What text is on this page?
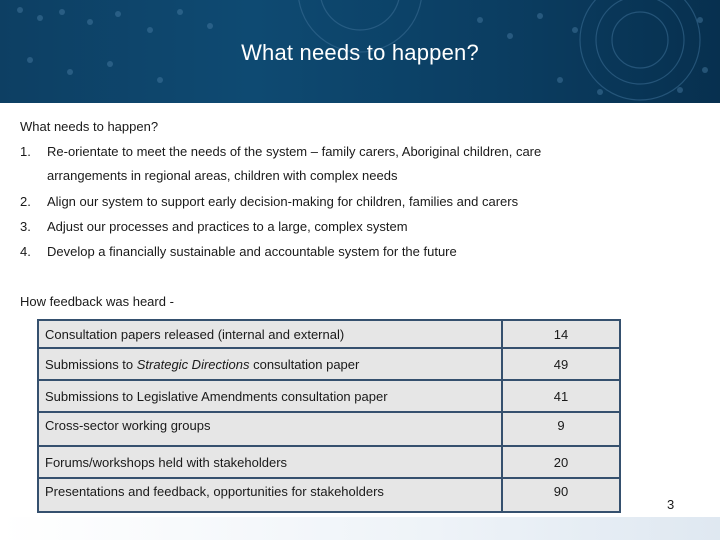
What needs to happen?
What needs to happen?
1. Re-orientate to meet the needs of the system – family carers, Aboriginal children, care
arrangements in regional areas, children with complex needs
2. Align our system to support early decision-making for children, families and carers
3. Adjust our processes and practices to a large, complex system
4. Develop a financially sustainable and accountable system for the future
How feedback was heard -
Consultation papers released (internal and external)	14
Submissions to Strategic Directions consultation paper	49
Submissions to Legislative Amendments consultation paper	41
Cross-sector working groups	9
Forums/workshops held with stakeholders	20
Presentations and feedback, opportunities for stakeholders	90
3
